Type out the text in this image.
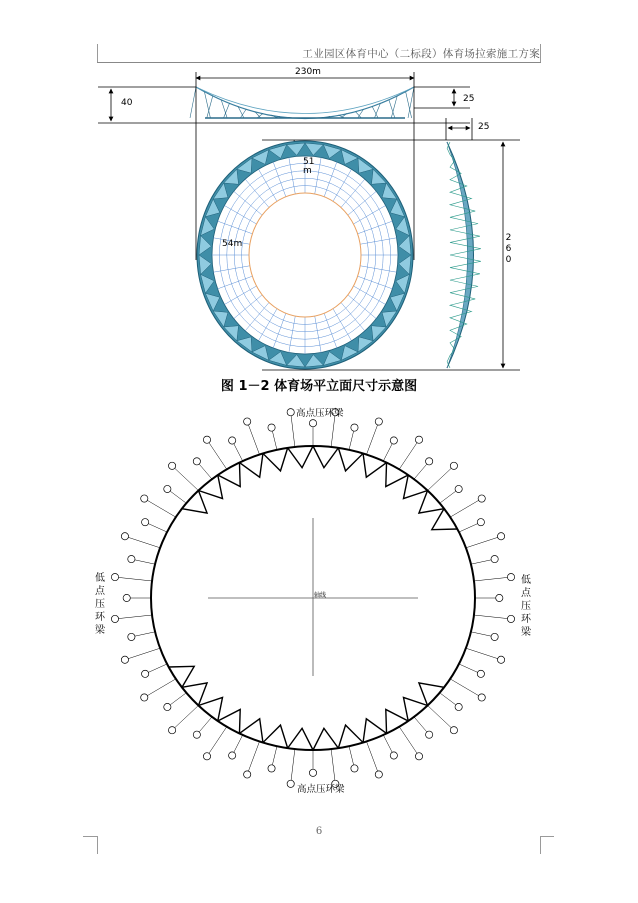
工业园区体育中心（二标段）体育场拉索施工方案
230m
40	25
25
51 m
54m
260
图 1－2 体育场平立面尺寸示意图
高点压环梁
高点压环梁
低点压环梁
低点压环梁
轴线
6
